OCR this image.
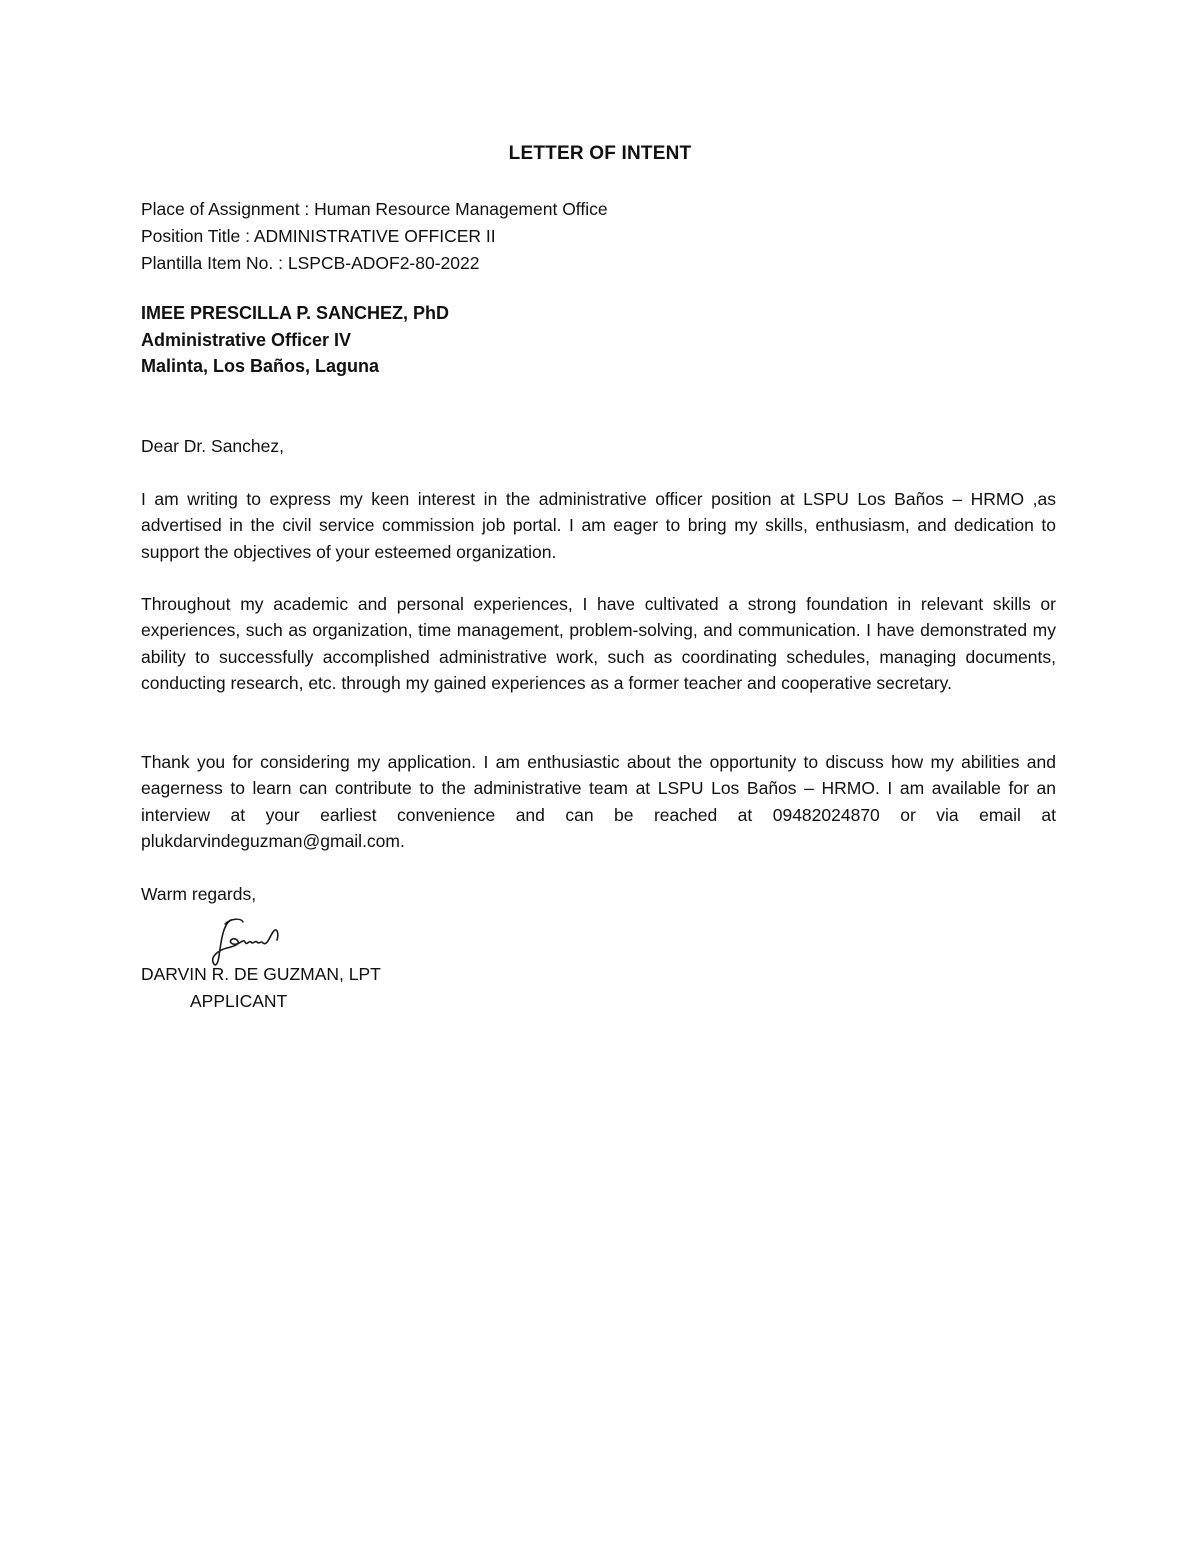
LETTER OF INTENT
Place of Assignment : Human Resource Management Office
Position Title : ADMINISTRATIVE OFFICER II
Plantilla Item No. : LSPCB-ADOF2-80-2022
IMEE PRESCILLA P. SANCHEZ, PhD
Administrative Officer IV
Malinta, Los Baños, Laguna
Dear Dr. Sanchez,

I am writing to express my keen interest in the administrative officer position at LSPU Los Baños – HRMO ,as advertised in the civil service commission job portal. I am eager to bring my skills, enthusiasm, and dedication to support the objectives of your esteemed organization.

Throughout my academic and personal experiences, I have cultivated a strong foundation in relevant skills or experiences, such as organization, time management, problem-solving, and communication. I have demonstrated my ability to successfully accomplished administrative work, such as coordinating schedules, managing documents, conducting research, etc. through my gained experiences as a former teacher and cooperative secretary.

Thank you for considering my application. I am enthusiastic about the opportunity to discuss how my abilities and eagerness to learn can contribute to the administrative team at LSPU Los Baños – HRMO. I am available for an interview at your earliest convenience and can be reached at 09482024870 or via email at plukdarvindeguzman@gmail.com.

Warm regards,
DARVIN R. DE GUZMAN, LPT
APPLICANT
